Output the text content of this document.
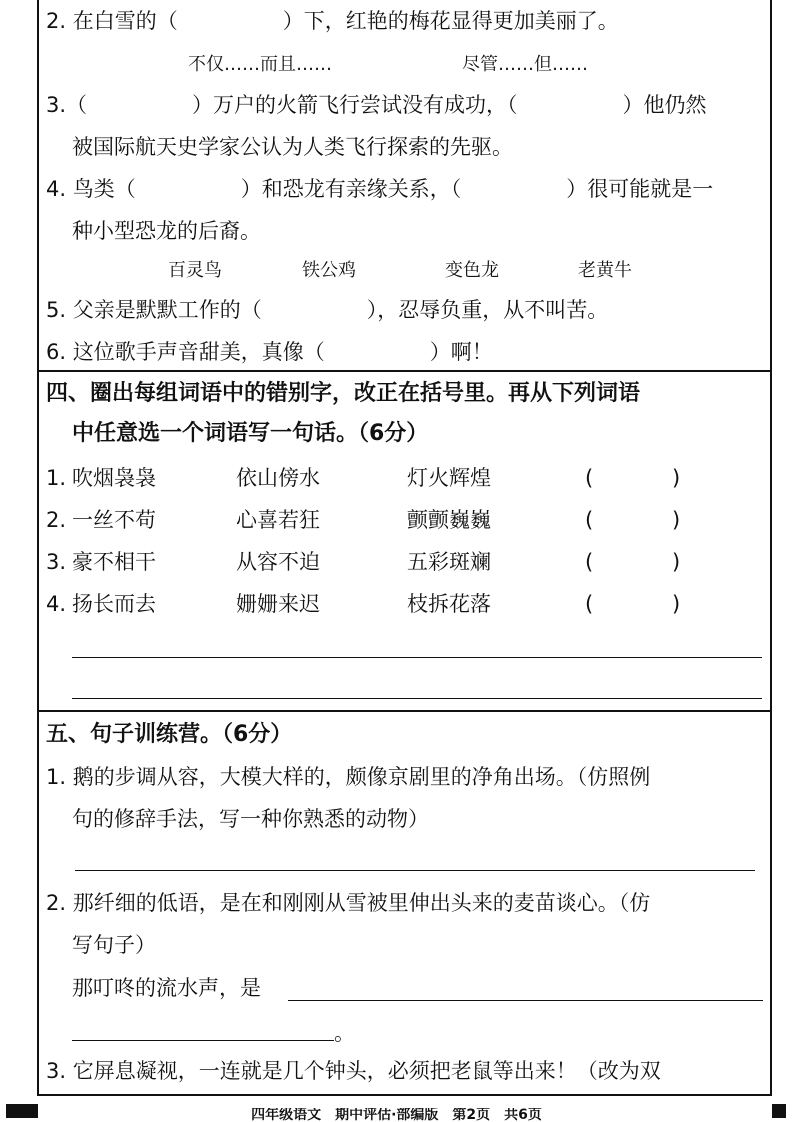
2. 在白雪的（　　　　　）下，红艳的梅花显得更加美丽了。
不仅……而且……	尽管……但……
3.（　　　　　）万户的火箭飞行尝试没有成功，（　　　　　）他仍然
被国际航天史学家公认为人类飞行探索的先驱。
4. 鸟类（　　　　　）和恐龙有亲缘关系，（　　　　　）很可能就是一
种小型恐龙的后裔。
百灵鸟	铁公鸡	变色龙	老黄牛
5. 父亲是默默工作的（　　　　　），忍辱负重，从不叫苦。
6. 这位歌手声音甜美，真像（　　　　　）啊！
四、圈出每组词语中的错别字，改正在括号里。再从下列词语
中任意选一个词语写一句话。（6分）
1. 吹烟袅袅	依山傍水	灯火辉煌	(	)
2. 一丝不苟	心喜若狂	颤颤巍巍	(	)
3. 豪不相干	从容不迫	五彩斑斓	(	)
4. 扬长而去	姗姗来迟	枝拆花落	(	)
五、句子训练营。（6分）
1. 鹅的步调从容，大模大样的，颇像京剧里的净角出场。（仿照例
句的修辞手法，写一种你熟悉的动物）
2. 那纤细的低语，是在和刚刚从雪被里伸出头来的麦苗谈心。（仿
写句子）
那叮咚的流水声，是
。
3. 它屏息凝视，一连就是几个钟头，必须把老鼠等出来！（改为双
四年级语文　期中评估·部编版　第2页　共6页
